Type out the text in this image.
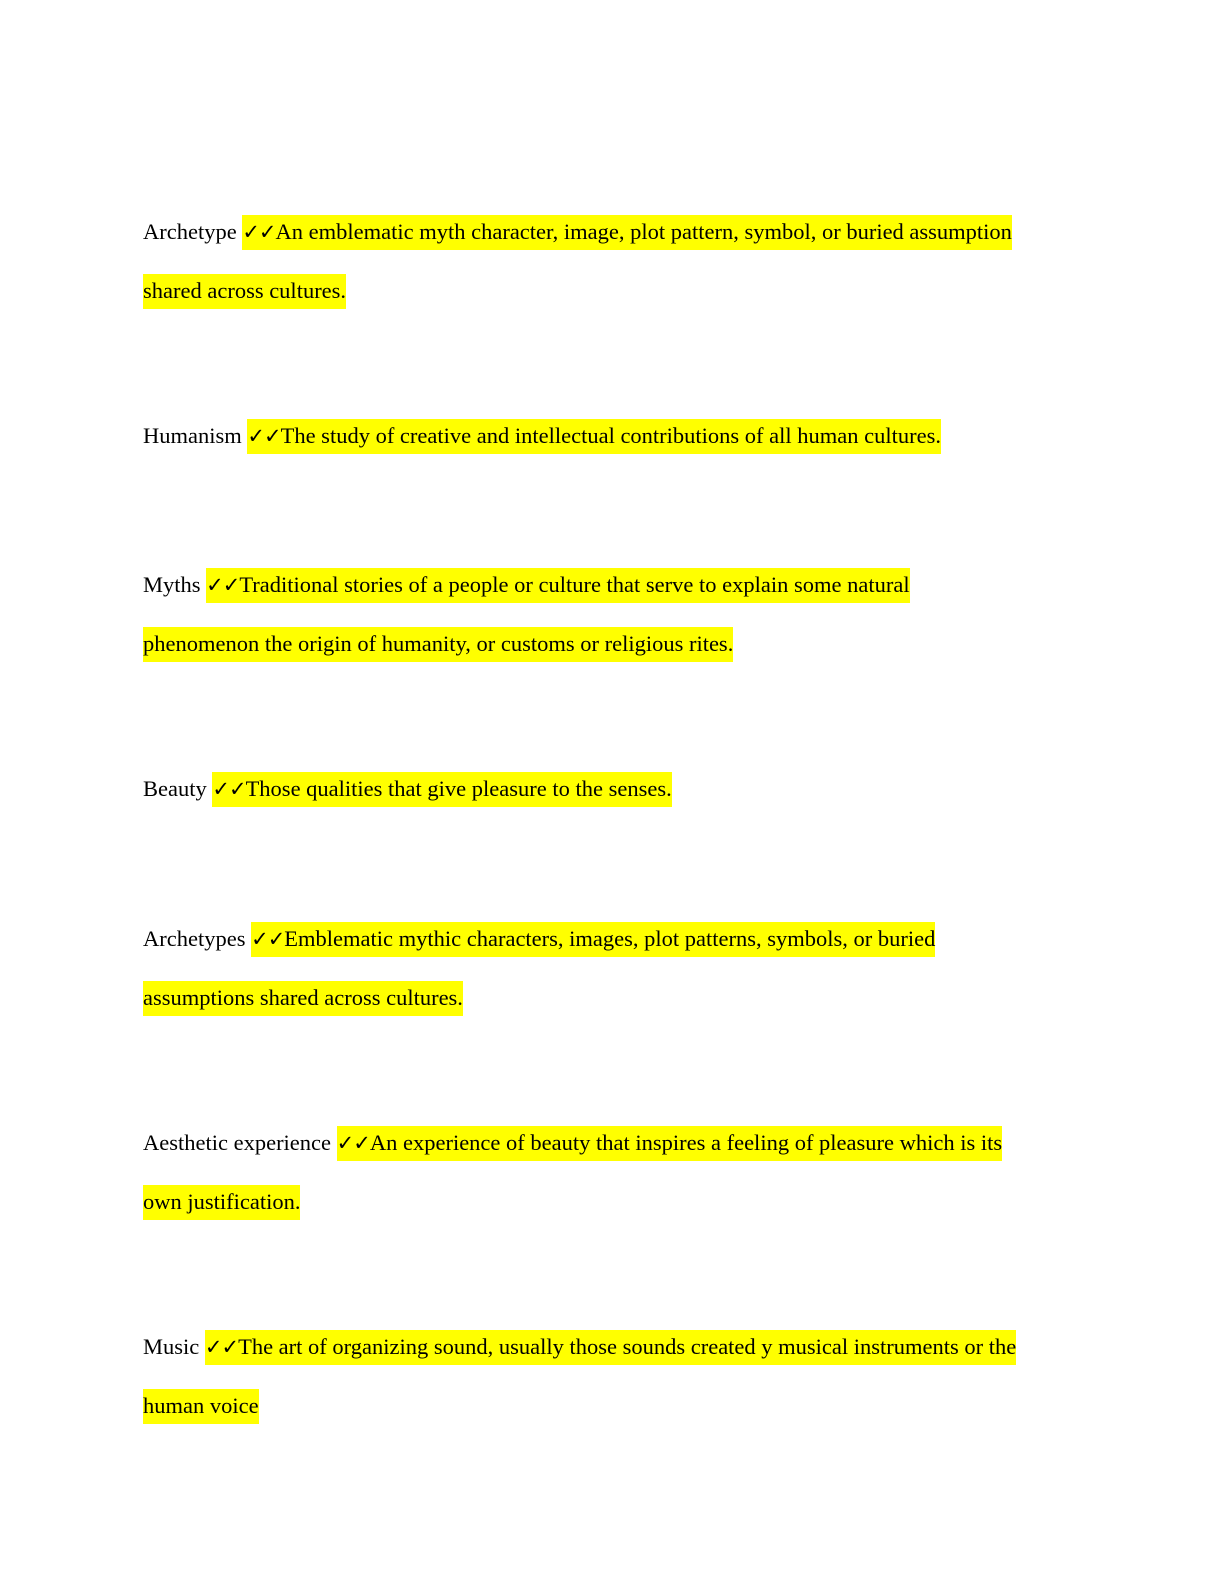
Archetype ✓✓An emblematic myth character, image, plot pattern, symbol, or buried assumption
shared across cultures.
Humanism ✓✓The study of creative and intellectual contributions of all human cultures.
Myths ✓✓Traditional stories of a people or culture that serve to explain some natural
phenomenon the origin of humanity, or customs or religious rites.
Beauty ✓✓Those qualities that give pleasure to the senses.
Archetypes ✓✓Emblematic mythic characters, images, plot patterns, symbols, or buried
assumptions shared across cultures.
Aesthetic experience ✓✓An experience of beauty that inspires a feeling of pleasure which is its
own justification.
Music ✓✓The art of organizing sound, usually those sounds created y musical instruments or the
human voice
